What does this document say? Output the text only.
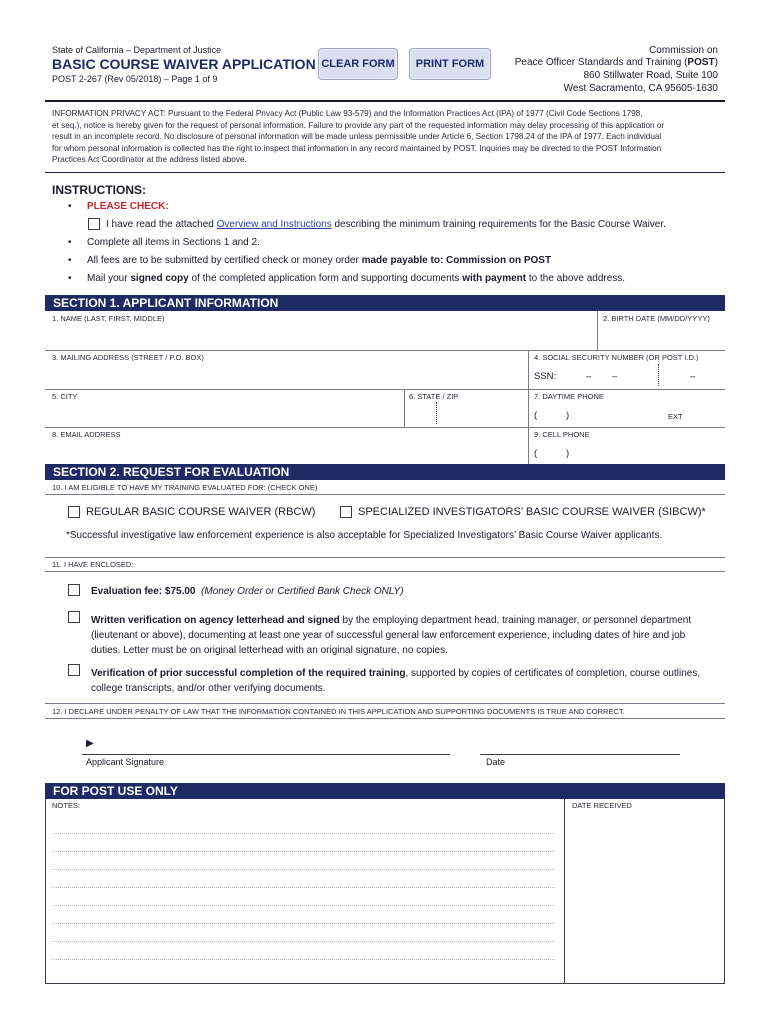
State of California – Department of Justice
BASIC COURSE WAIVER APPLICATION
POST 2-267 (Rev 05/2018) – Page 1 of 9
CLEAR FORM	PRINT FORM
Commission on
Peace Officer Standards and Training (POST)
860 Stillwater Road, Suite 100
West Sacramento, CA 95605-1630
INFORMATION PRIVACY ACT: Pursuant to the Federal Privacy Act (Public Law 93-579) and the Information Practices Act (IPA) of 1977 (Civil Code Sections 1798,
et seq.), notice is hereby given for the request of personal information. Failure to provide any part of the requested information may delay processing of this application or
result in an incomplete record. No disclosure of personal information will be made unless permissible under Article 6, Section 1798.24 of the IPA of 1977. Each individual
for whom personal information is collected has the right to inspect that information in any record maintained by POST. Inquiries may be directed to the POST Information
Practices Act Coordinator at the address listed above.
INSTRUCTIONS:
• PLEASE CHECK:
I have read the attached Overview and Instructions describing the minimum training requirements for the Basic Course Waiver.
• Complete all items in Sections 1 and 2.
• All fees are to be submitted by certified check or money order made payable to: Commission on POST
• Mail your signed copy of the completed application form and supporting documents with payment to the above address.
SECTION 1. APPLICANT INFORMATION
1. NAME (LAST, FIRST, MIDDLE)	2. BIRTH DATE (MM/DD/YYYY)
3. MAILING ADDRESS (STREET / P.O. BOX)	4. SOCIAL SECURITY NUMBER (OR POST I.D.)
SSN:	– –	–
5. CITY	6. STATE / ZIP	7. DAYTIME PHONE
(	)	EXT
8. EMAIL ADDRESS	9. CELL PHONE
(	)
SECTION 2. REQUEST FOR EVALUATION
10. I AM ELIGIBLE TO HAVE MY TRAINING EVALUATED FOR: (CHECK ONE)
REGULAR BASIC COURSE WAIVER (RBCW)	SPECIALIZED INVESTIGATORS’ BASIC COURSE WAIVER (SIBCW)*
*Successful investigative law enforcement experience is also acceptable for Specialized Investigators’ Basic Course Waiver applicants.
11. I HAVE ENCLOSED:
Evaluation fee: $75.00 (Money Order or Certified Bank Check ONLY)
Written verification on agency letterhead and signed by the employing department head, training manager, or personnel department
(lieutenant or above), documenting at least one year of successful general law enforcement experience, including dates of hire and job
duties. Letter must be on original letterhead with an original signature, no copies.
Verification of prior successful completion of the required training, supported by copies of certificates of completion, course outlines,
college transcripts, and/or other verifying documents.
12. I DECLARE UNDER PENALTY OF LAW THAT THE INFORMATION CONTAINED IN THIS APPLICATION AND SUPPORTING DOCUMENTS IS TRUE AND CORRECT.
▶
Applicant Signature	Date
FOR POST USE ONLY
NOTES:	DATE RECEIVED
